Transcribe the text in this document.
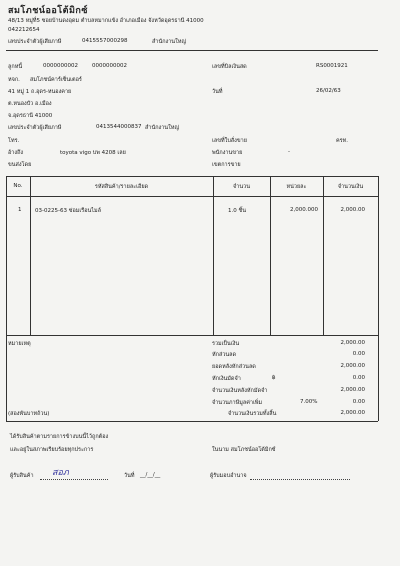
สมโภชน์ออโต้มิกซ์
48/13 หมู่ที่5 ซอยบ้านดงอุดม ตำบลหมากแข้ง อำเภอเมือง จังหวัดอุดรธานี 41000
042212654
เลขประจำตัวผู้เสียภาษี	0415557000298	สำนักงานใหญ่
ลูกหนี้	0000000002	0000000002
หจก. สมโภชน์คาร์เซ็นเตอร์
41 หมู่ 1 ถ.อุดร-หนองคาย
ต.หนองบัว อ.เมือง
จ.อุดรธานี 41000
เลขประจำตัวผู้เสียภาษี	0413544000837 สำนักงานใหญ่
โทร.
อ้างถึง	toyota vigo บพ 4208 เลย
ขนส่งโดย
เลขที่บิลเงินสด	RS0001921
วันที่	26/02/63
เลขที่ใบสั่งขาย	ครท.
พนักงานขาย	-
เขตการขาย
No.	รหัสสินค้า/รายละเอียด	จำนวน	หน่วยละ	จำนวนเงิน
1 03-0225-63 ซ่อมเรือนไมล์	1.0 ชิ้น	2,000.000	2,000.00
หมายเหตุ
(สองพันบาทถ้วน)
รวมเป็นเงิน	2,000.00
หักส่วนลด	0.00
ยอดหลังหักส่วนลด	2,000.00
หักเงินมัดจำ	฿	0.00
จำนวนเงินหลังหักมัดจำ	2,000.00
จำนวนภาษีมูลค่าเพิ่ม	7.00%	0.00
จำนวนเงินรวมทั้งสิ้น	2,000.00
ได้รับสินค้าตามรายการข้างบนนี้ไว้ถูกต้อง
และอยู่ในสภาพเรียบร้อยทุกประการ	ในนาม สมโภชน์ออโต้มิกซ์
ผู้รับสินค้า สอภ	วันที่ __/__/__	ผู้รับมอบอำนาจ
